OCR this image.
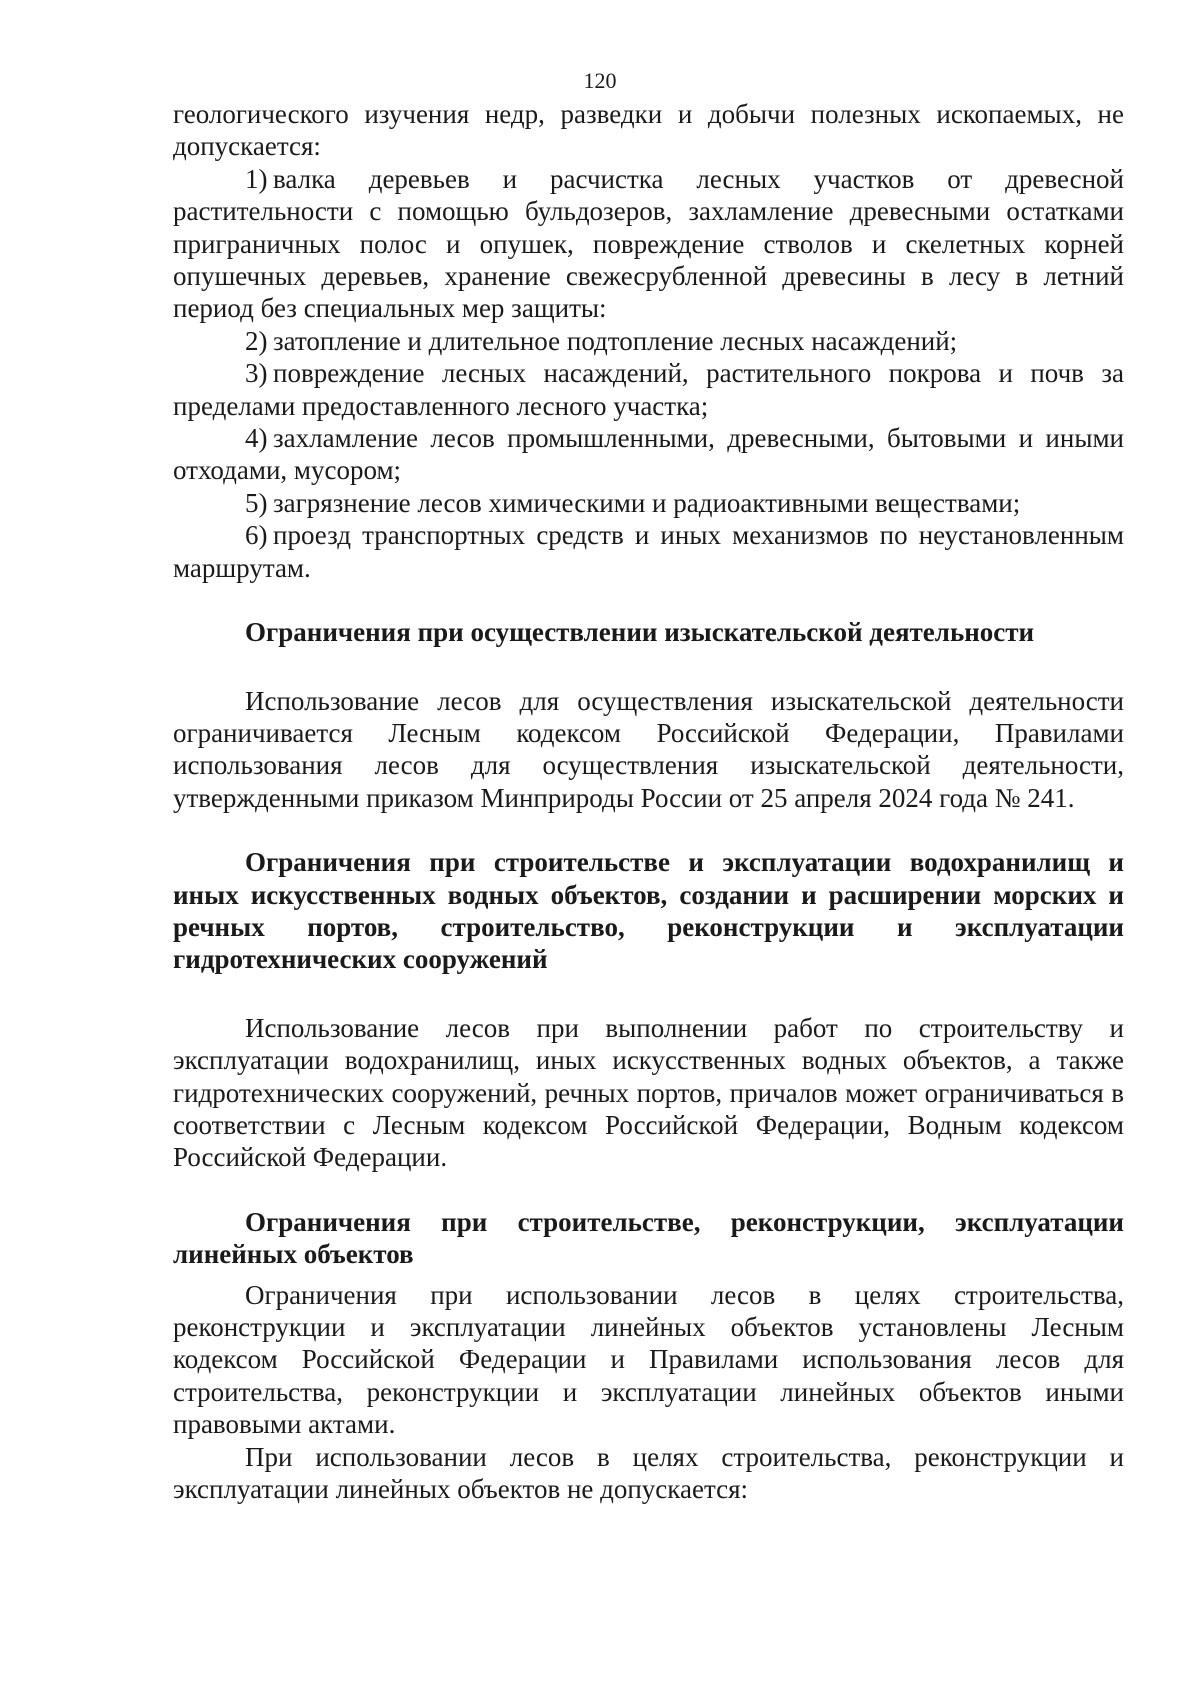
120

геологического изучения недр, разведки и добычи полезных ископаемых, не допускается:

1) валка деревьев и расчистка лесных участков от древесной растительности с помощью бульдозеров, захламление древесными остатками приграничных полос и опушек, повреждение стволов и скелетных корней опушечных деревьев, хранение свежесрубленной древесины в лесу в летний период без специальных мер защиты:

2) затопление и длительное подтопление лесных насаждений;

3) повреждение лесных насаждений, растительного покрова и почв за пределами предоставленного лесного участка;

4) захламление лесов промышленными, древесными, бытовыми и иными отходами, мусором;

5) загрязнение лесов химическими и радиоактивными веществами;

6) проезд транспортных средств и иных механизмов по неустановленным маршрутам.

Ограничения при осуществлении изыскательской деятельности

Использование лесов для осуществления изыскательской деятельности ограничивается Лесным кодексом Российской Федерации, Правилами использования лесов для осуществления изыскательской деятельности, утвержденными приказом Минприроды России от 25 апреля 2024 года № 241.

Ограничения при строительстве и эксплуатации водохранилищ и иных искусственных водных объектов, создании и расширении морских и речных портов, строительство, реконструкции и эксплуатации гидротехнических сооружений

Использование лесов при выполнении работ по строительству и эксплуатации водохранилищ, иных искусственных водных объектов, а также гидротехнических сооружений, речных портов, причалов может ограничиваться в соответствии с Лесным кодексом Российской Федерации, Водным кодексом Российской Федерации.

Ограничения при строительстве, реконструкции, эксплуатации линейных объектов

Ограничения при использовании лесов в целях строительства, реконструкции и эксплуатации линейных объектов установлены Лесным кодексом Российской Федерации и Правилами использования лесов для строительства, реконструкции и эксплуатации линейных объектов иными правовыми актами.

При использовании лесов в целях строительства, реконструкции и эксплуатации линейных объектов не допускается:
